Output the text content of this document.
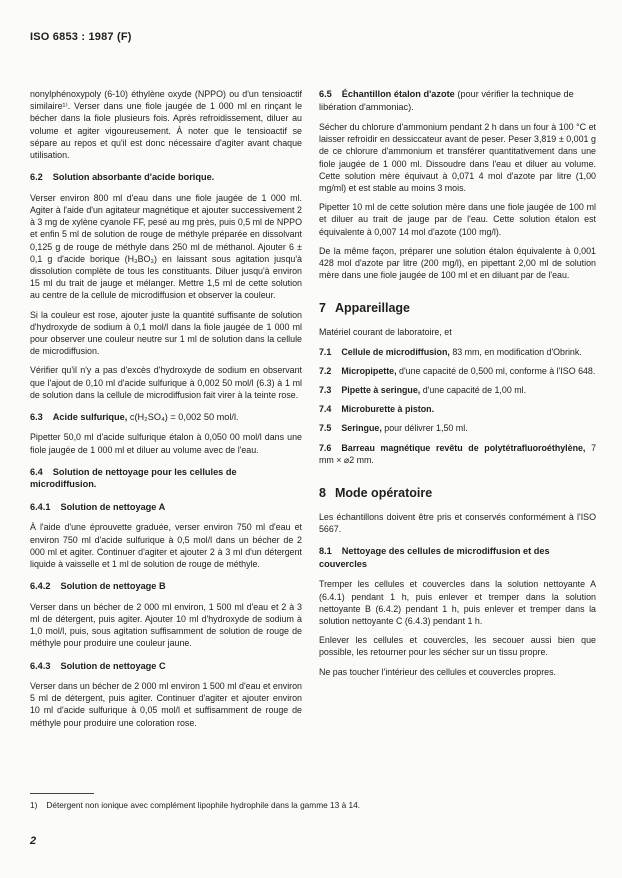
ISO 6853 : 1987 (F)

nonylphénoxypoly (6-10) éthylène oxyde (NPPO) ou d'un tensioactif similaire¹⁾. Verser dans une fiole jaugée de 1 000 ml en rinçant le bécher dans la fiole plusieurs fois. Après refroidissement, diluer au volume et agiter vigoureusement. À noter que le tensioactif se sépare au repos et qu'il est donc nécessaire d'agiter avant chaque utilisation.

6.2 Solution absorbante d'acide borique.

Verser environ 800 ml d'eau dans une fiole jaugée de 1 000 ml. Agiter à l'aide d'un agitateur magnétique et ajouter successivement 2 à 3 mg de xylène cyanole FF, pesé au mg près, puis 0,5 ml de NPPO et enfin 5 ml de solution de rouge de méthyle préparée en dissolvant 0,125 g de rouge de méthyle dans 250 ml de méthanol. Ajouter 6 ± 0,1 g d'acide borique (H₃BO₃) en laissant sous agitation jusqu'à dissolution complète de tous les constituants. Diluer jusqu'à environ 15 ml du trait de jauge et mélanger. Mettre 1,5 ml de cette solution au centre de la cellule de microdiffusion et observer la couleur.

Si la couleur est rose, ajouter juste la quantité suffisante de solution d'hydroxyde de sodium à 0,1 mol/l dans la fiole jaugée de 1 000 ml pour observer une couleur neutre sur 1 ml de solution dans la cellule de microdiffusion.

Vérifier qu'il n'y a pas d'excès d'hydroxyde de sodium en observant que l'ajout de 0,10 ml d'acide sulfurique à 0,002 50 mol/l (6.3) à 1 ml de solution dans la cellule de microdiffusion fait virer à la teinte rose.

6.3 Acide sulfurique, c(H₂SO₄) = 0,002 50 mol/l.

Pipetter 50,0 ml d'acide sulfurique étalon à 0,050 00 mol/l dans une fiole jaugée de 1 000 ml et diluer au volume avec de l'eau.

6.4 Solution de nettoyage pour les cellules de microdiffusion.
6.4.1 Solution de nettoyage A

À l'aide d'une éprouvette graduée, verser environ 750 ml d'eau et environ 750 ml d'acide sulfurique à 0,5 mol/l dans un bécher de 2 000 ml et agiter. Continuer d'agiter et ajouter 2 à 3 ml d'un détergent liquide à vaisselle et 1 ml de solution de rouge de méthyle.

6.4.2 Solution de nettoyage B

Verser dans un bécher de 2 000 ml environ, 1 500 ml d'eau et 2 à 3 ml de détergent, puis agiter. Ajouter 10 ml d'hydroxyde de sodium à 1,0 mol/l, puis, sous agitation suffisamment de solution de rouge de méthyle pour produire une couleur jaune.

6.4.3 Solution de nettoyage C

Verser dans un bécher de 2 000 ml environ 1 500 ml d'eau et environ 5 ml de détergent, puis agiter. Continuer d'agiter et ajouter environ 10 ml d'acide sulfurique à 0,05 mol/l et suffisamment de rouge de méthyle pour produire une coloration rose.

6.5 Échantillon étalon d'azote (pour vérifier la technique de libération d'ammoniac).

Sécher du chlorure d'ammonium pendant 2 h dans un four à 100 °C et laisser refroidir en dessiccateur avant de peser. Peser 3,819 ± 0,001 g de ce chlorure d'ammonium et transférer quantitativement dans une fiole jaugée de 1 000 ml. Dissoudre dans l'eau et diluer au volume. Cette solution mère équivaut à 0,071 4 mol d'azote par litre (1,00 mg/ml) et est stable au moins 3 mois.

Pipetter 10 ml de cette solution mère dans une fiole jaugée de 100 ml et diluer au trait de jauge par de l'eau. Cette solution étalon est équivalente à 0,007 14 mol d'azote (100 mg/l).

De la même façon, préparer une solution étalon équivalente à 0,001 428 mol d'azote par litre (200 mg/l), en pipettant 2,00 ml de solution mère dans une fiole jaugée de 100 ml et en diluant par de l'eau.

7 Appareillage

Matériel courant de laboratoire, et

7.1 Cellule de microdiffusion, 83 mm, en modification d'Obrink.

7.2 Micropipette, d'une capacité de 0,500 ml, conforme à l'ISO 648.

7.3 Pipette à seringue, d'une capacité de 1,00 ml.

7.4 Microburette à piston.

7.5 Seringue, pour délivrer 1,50 ml.

7.6 Barreau magnétique revêtu de polytétrafluoroéthylène, 7 mm × ⌀2 mm.

8 Mode opératoire

Les échantillons doivent être pris et conservés conformément à l'ISO 5667.

8.1 Nettoyage des cellules de microdiffusion et des couvercles

Tremper les cellules et couvercles dans la solution nettoyante A (6.4.1) pendant 1 h, puis enlever et tremper dans la solution nettoyante B (6.4.2) pendant 1 h, puis enlever et tremper dans la solution nettoyante C (6.4.3) pendant 1 h.

Enlever les cellules et couvercles, les secouer aussi bien que possible, les retourner pour les sécher sur un tissu propre.

Ne pas toucher l'intérieur des cellules et couvercles propres.

1) Détergent non ionique avec complément lipophile hydrophile dans la gamme 13 à 14.
2
